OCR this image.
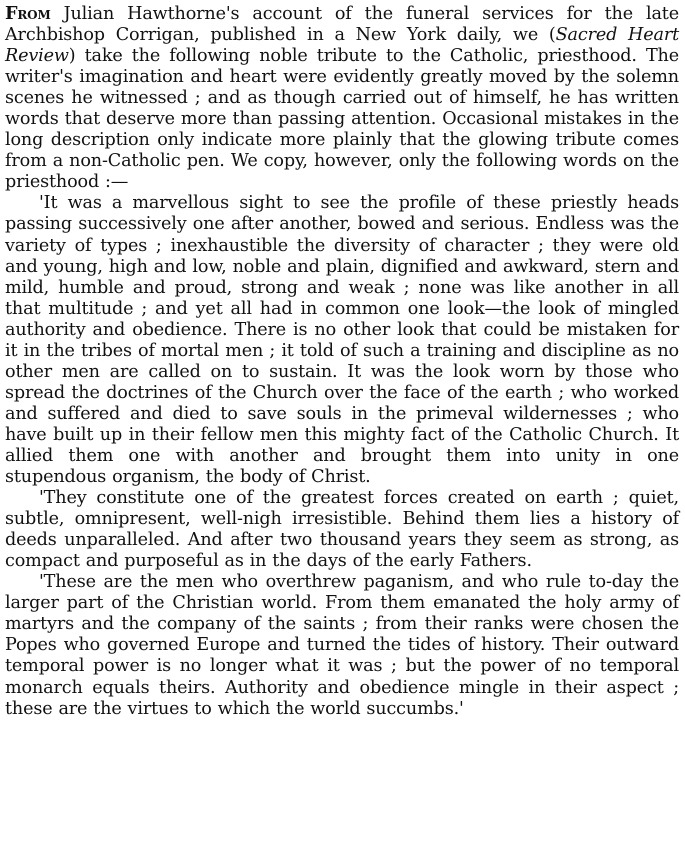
From Julian Hawthorne's account of the funeral services for the late Archbishop Corrigan, published in a New York daily, we (Sacred Heart Review) take the following noble tribute to the Catholic, priesthood. The writer's imagination and heart were evidently greatly moved by the solemn scenes he witnessed ; and as though carried out of himself, he has written words that deserve more than passing attention. Occasional mistakes in the long description only indicate more plainly that the glowing tribute comes from a non-Catholic pen. We copy, however, only the following words on the priesthood :—

'It was a marvellous sight to see the profile of these priestly heads passing successively one after another, bowed and serious. Endless was the variety of types ; inexhaustible the diversity of character ; they were old and young, high and low, noble and plain, dignified and awkward, stern and mild, humble and proud, strong and weak ; none was like another in all that multitude ; and yet all had in common one look—the look of mingled authority and obedience. There is no other look that could be mistaken for it in the tribes of mortal men ; it told of such a training and discipline as no other men are called on to sustain. It was the look worn by those who spread the doctrines of the Church over the face of the earth ; who worked and suffered and died to save souls in the primeval wildernesses ; who have built up in their fellow men this mighty fact of the Catholic Church. It allied them one with another and brought them into unity in one stupendous organism, the body of Christ.

'They constitute one of the greatest forces created on earth ; quiet, subtle, omnipresent, well-nigh irresistible. Behind them lies a history of deeds unparalleled. And after two thousand years they seem as strong, as compact and purposeful as in the days of the early Fathers.

'These are the men who overthrew paganism, and who rule to-day the larger part of the Christian world. From them emanated the holy army of martyrs and the company of the saints ; from their ranks were chosen the Popes who governed Europe and turned the tides of history. Their outward temporal power is no longer what it was ; but the power of no temporal monarch equals theirs. Authority and obedience mingle in their aspect ; these are the virtues to which the world succumbs.'
